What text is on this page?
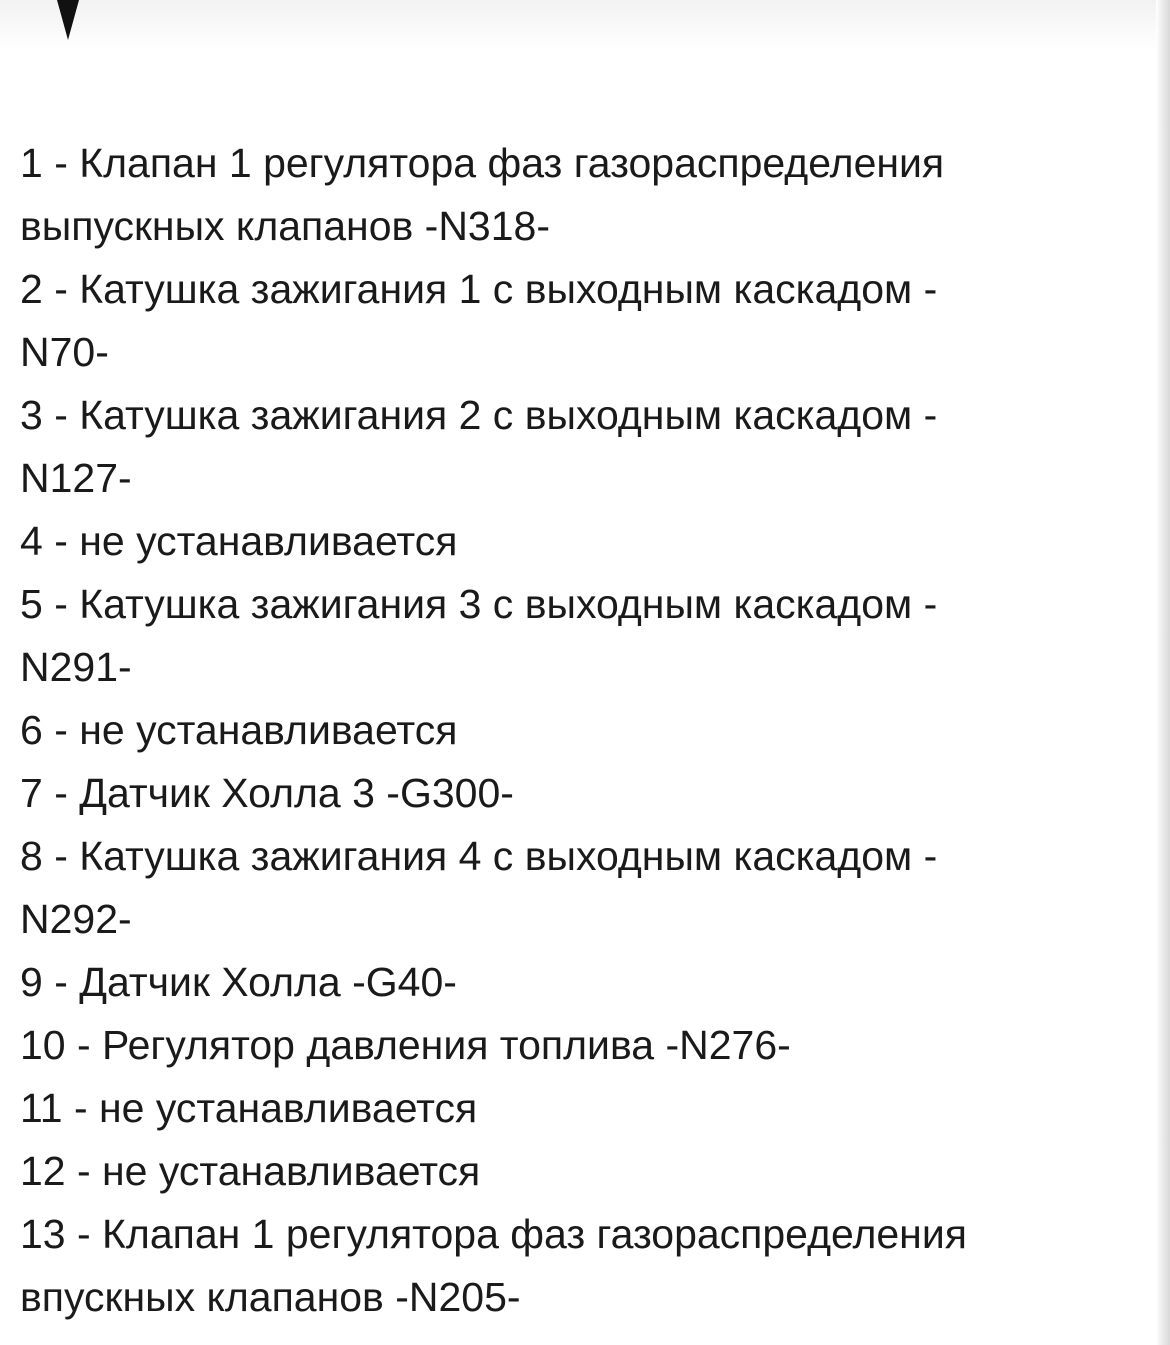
1 - Клапан 1 регулятора фаз газораспределения
выпускных клапанов -N318-
2 - Катушка зажигания 1 с выходным каскадом -
N70-
3 - Катушка зажигания 2 с выходным каскадом -
N127-
4 - не устанавливается
5 - Катушка зажигания 3 с выходным каскадом -
N291-
6 - не устанавливается
7 - Датчик Холла 3 -G300-
8 - Катушка зажигания 4 с выходным каскадом -
N292-
9 - Датчик Холла -G40-
10 - Регулятор давления топлива -N276-
11 - не устанавливается
12 - не устанавливается
13 - Клапан 1 регулятора фаз газораспределения
впускных клапанов -N205-
